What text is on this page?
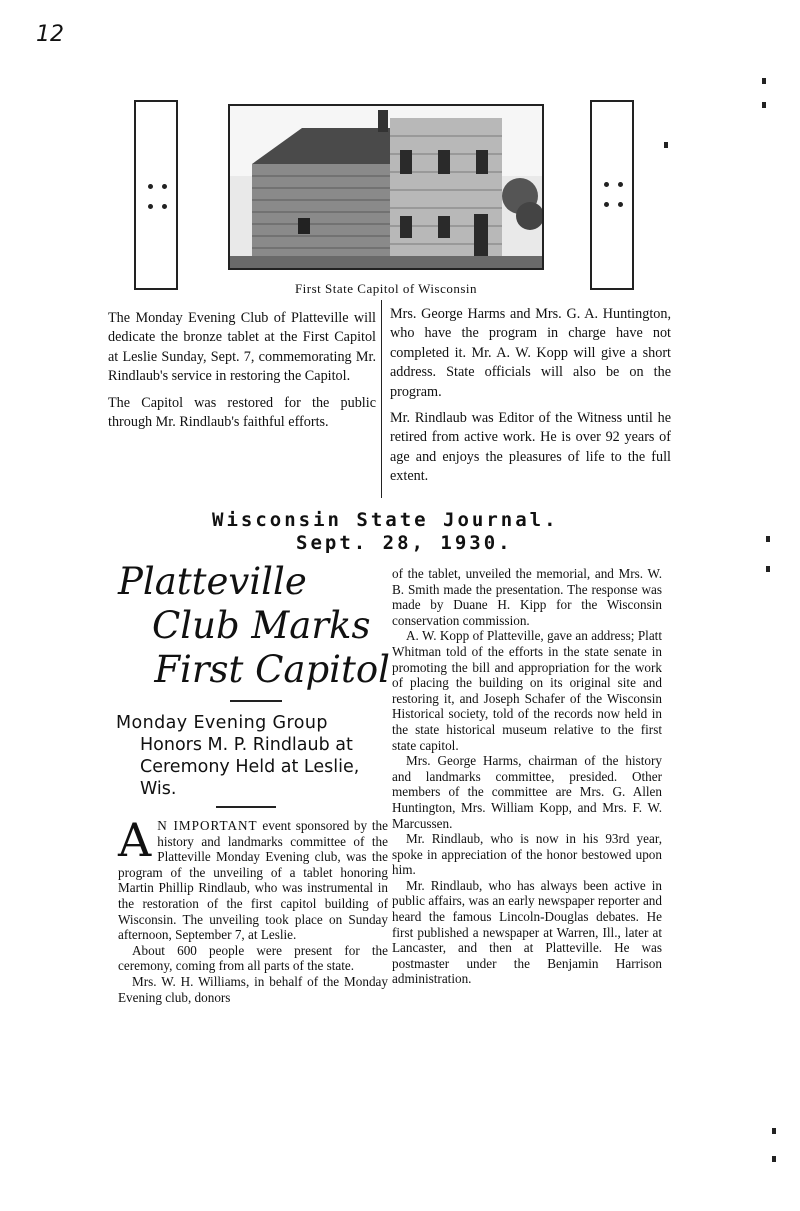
12
First State Capitol of Wisconsin

The Monday Evening Club of Platteville will dedicate the bronze tablet at the First Capitol at Leslie Sunday, Sept. 7, commemorating Mr. Rindlaub's service in restoring the Capitol.

The Capitol was restored for the public through Mr. Rindlaub's faithful efforts.

Mrs. George Harms and Mrs. G. A. Huntington, who have the program in charge have not completed it. Mr. A. W. Kopp will give a short address. State officials will also be on the program.

Mr. Rindlaub was Editor of the Witness until he retired from active work. He is over 92 years of age and enjoys the pleasures of life to the full extent.

Wisconsin State Journal.
Sept. 28, 1930.
Platteville
Club Marks
First Capitol
Monday Evening Group
Honors M. P. Rindlaub at
Ceremony Held at Leslie,
Wis.

A N IMPORTANT event sponsored by the history and landmarks committee of the Platteville Monday Evening club, was the program of the unveiling of a tablet honoring Martin Phillip Rindlaub, who was instrumental in the restoration of the first capitol building of Wisconsin. The unveiling took place on Sunday afternoon, September 7, at Leslie.

About 600 people were present for the ceremony, coming from all parts of the state.

Mrs. W. H. Williams, in behalf of the Monday Evening club, donors

of the tablet, unveiled the memorial, and Mrs. W. B. Smith made the presentation. The response was made by Duane H. Kipp for the Wisconsin conservation commission.

A. W. Kopp of Platteville, gave an address; Platt Whitman told of the efforts in the state senate in promoting the bill and appropriation for the work of placing the building on its original site and restoring it, and Joseph Schafer of the Wisconsin Historical society, told of the records now held in the state historical museum relative to the first state capitol.

Mrs. George Harms, chairman of the history and landmarks committee, presided. Other members of the committee are Mrs. G. Allen Huntington, Mrs. William Kopp, and Mrs. F. W. Marcussen.

Mr. Rindlaub, who is now in his 93rd year, spoke in appreciation of the honor bestowed upon him.

Mr. Rindlaub, who has always been active in public affairs, was an early newspaper reporter and heard the famous Lincoln-Douglas debates. He first published a newspaper at Warren, Ill., later at Lancaster, and then at Platteville. He was postmaster under the Benjamin Harrison administration.
